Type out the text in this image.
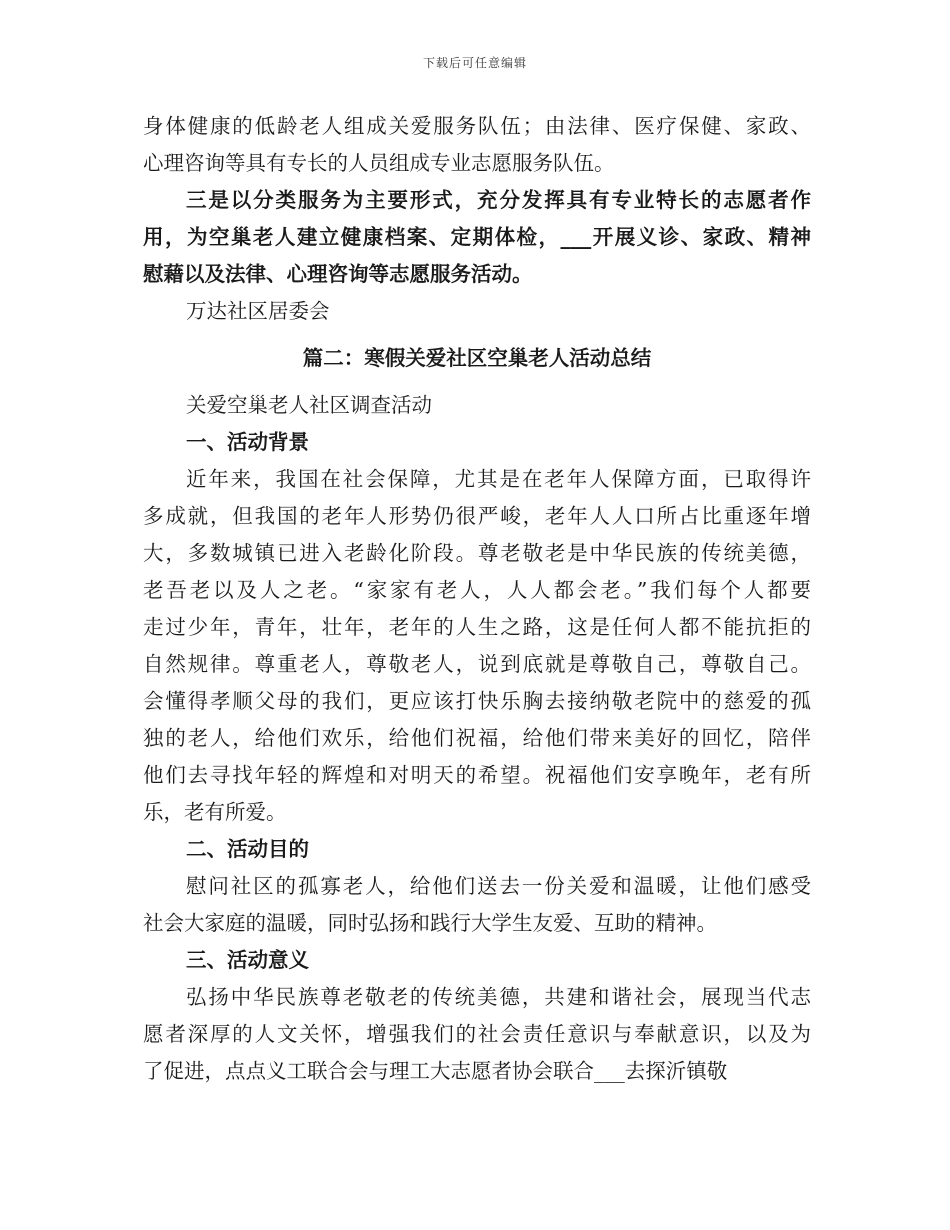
下载后可任意编辑
身体健康的低龄老人组成关爱服务队伍；由法律、医疗保健、家政、
心理咨询等具有专长的人员组成专业志愿服务队伍。
三是以分类服务为主要形式，充分发挥具有专业特长的志愿者作
用，为空巢老人建立健康档案、定期体检，___开展义诊、家政、精神
慰藉以及法律、心理咨询等志愿服务活动。
万达社区居委会
篇二：寒假关爱社区空巢老人活动总结
关爱空巢老人社区调查活动
一、活动背景
近年来，我国在社会保障，尤其是在老年人保障方面，已取得许
多成就，但我国的老年人形势仍很严峻，老年人人口所占比重逐年增
大，多数城镇已进入老龄化阶段。尊老敬老是中华民族的传统美德，
老吾老以及人之老。“家家有老人，人人都会老。”我们每个人都要
走过少年，青年，壮年，老年的人生之路，这是任何人都不能抗拒的
自然规律。尊重老人，尊敬老人，说到底就是尊敬自己，尊敬自己。
会懂得孝顺父母的我们，更应该打快乐胸去接纳敬老院中的慈爱的孤
独的老人，给他们欢乐，给他们祝福，给他们带来美好的回忆，陪伴
他们去寻找年轻的辉煌和对明天的希望。祝福他们安享晚年，老有所
乐，老有所爱。
二、活动目的
慰问社区的孤寡老人，给他们送去一份关爱和温暖，让他们感受
社会大家庭的温暖，同时弘扬和践行大学生友爱、互助的精神。
三、活动意义
弘扬中华民族尊老敬老的传统美德，共建和谐社会，展现当代志
愿者深厚的人文关怀，增强我们的社会责任意识与奉献意识，以及为
了促进，点点义工联合会与理工大志愿者协会联合___去探沂镇敬
